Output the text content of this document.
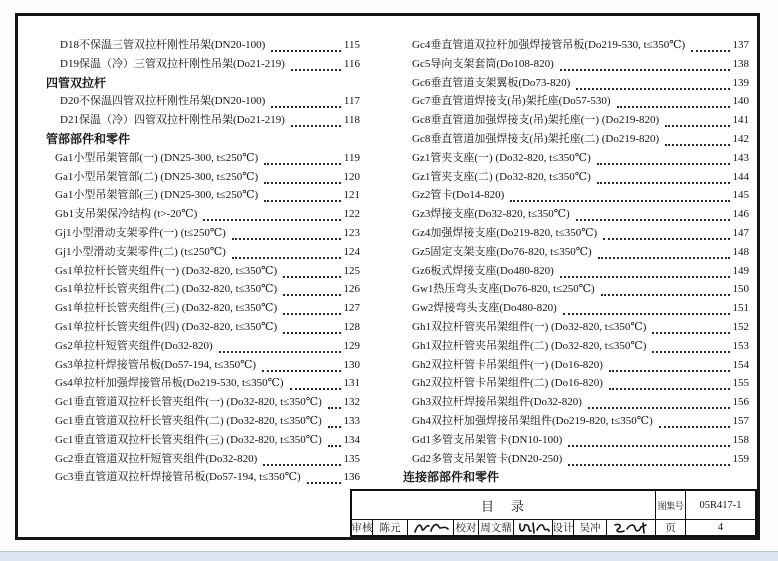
D18不保温三管双拉杆刚性吊架(DN20-100)	115
D19保温（冷）三管双拉杆刚性吊架(Do21-219)	116
四管双拉杆
D20不保温四管双拉杆刚性吊架(DN20-100)	117
D21保温（冷）四管双拉杆刚性吊架(Do21-219)	118
管部部件和零件
Ga1小型吊架管部(一) (DN25-300, t≤250℃)	119
Ga1小型吊架管部(二) (DN25-300, t≤250℃)	120
Ga1小型吊架管部(三) (DN25-300, t≤250℃)	121
Gb1支吊架保冷结构 (t>-20℃)	122
Gj1小型滑动支架零件(一) (t≤250℃)	123
Gj1小型滑动支架零件(二) (t≤250℃)	124
Gs1单拉杆长管夹组件(一) (Do32-820, t≤350℃)	125
Gs1单拉杆长管夹组件(二) (Do32-820, t≤350℃)	126
Gs1单拉杆长管夹组件(三) (Do32-820, t≤350℃)	127
Gs1单拉杆长管夹组件(四) (Do32-820, t≤350℃)	128
Gs2单拉杆短管夹组件(Do32-820)	129
Gs3单拉杆焊接管吊板(Do57-194, t≤350℃)	130
Gs4单拉杆加强焊接管吊板(Do219-530, t≤350℃)	131
Gc1垂直管道双拉杆长管夹组件(一) (Do32-820, t≤350℃) 132
Gc1垂直管道双拉杆长管夹组件(二) (Do32-820, t≤350℃) 133
Gc1垂直管道双拉杆长管夹组件(三) (Do32-820, t≤350℃) 134
Gc2垂直管道双拉杆短管夹组件(Do32-820)	135
Gc3垂直管道双拉杆焊接管吊板(Do57-194, t≤350℃)	136
Gc4垂直管道双拉杆加强焊接管吊板(Do219-530, t≤350℃)	137
Gc5导向支架套筒(Do108-820)	138
Gc6垂直管道支架翼板(Do73-820)	139
Gc7垂直管道焊接支(吊)架托座(Do57-530)	140
Gc8垂直管道加强焊接支(吊)架托座(一) (Do219-820)	141
Gc8垂直管道加强焊接支(吊)架托座(二) (Do219-820)	142
Gz1管夹支座(一) (Do32-820, t≤350℃)	143
Gz1管夹支座(二) (Do32-820, t≤350℃)	144
Gz2管卡(Do14-820)	145
Gz3焊接支座(Do32-820, t≤350℃)	146
Gz4加强焊接支座(Do219-820, t≤350℃)	147
Gz5固定支架支座(Do76-820, t≤350℃)	148
Gz6板式焊接支座(Do480-820)	149
Gw1热压弯头支座(Do76-820, t≤250℃)	150
Gw2焊接弯头支座(Do480-820)	151
Gh1双拉杆管夹吊架组件(一) (Do32-820, t≤350℃)	152
Gh1双拉杆管夹吊架组件(二) (Do32-820, t≤350℃)	153
Gh2双拉杆管卡吊架组件(一) (Do16-820)	154
Gh2双拉杆管卡吊架组件(二) (Do16-820)	155
Gh3双拉杆焊接吊架组件(Do32-820)	156
Gh4双拉杆加强焊接吊架组件(Do219-820, t≤350℃)	157
Gd1多管支吊架管卡(DN10-100)	158
Gd2多管支吊架管卡(DN20-250)	159
连接部部件和零件
目　录	图集号	05R417-1
审核 陈元	校对 周文鼎	设计 吴冲	页	4
